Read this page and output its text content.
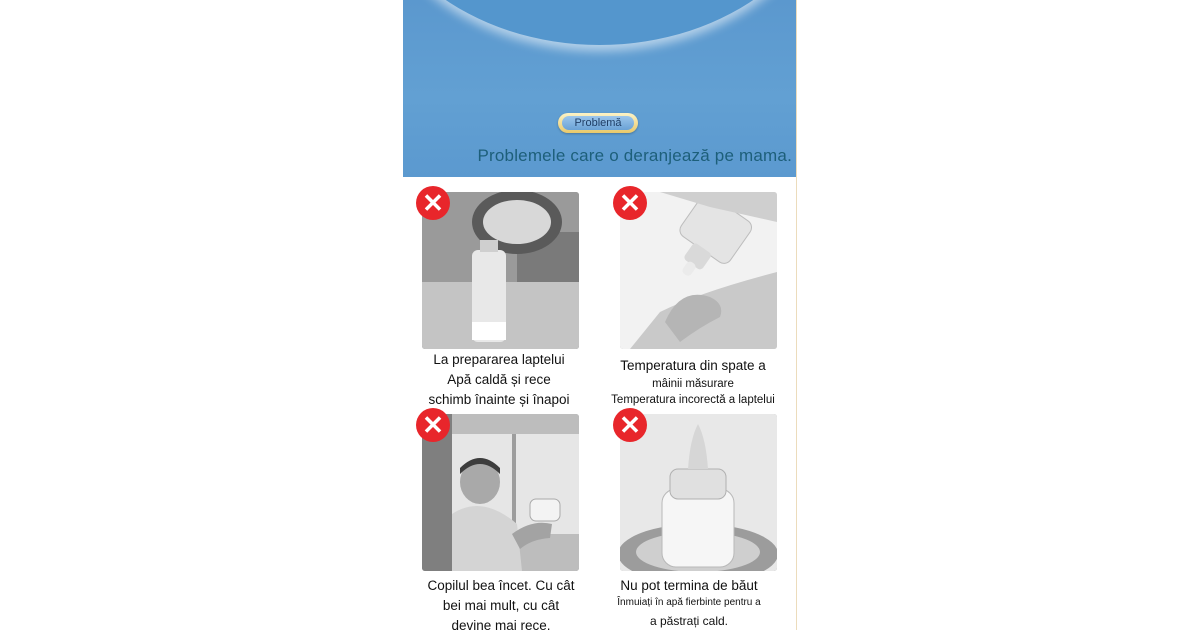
Problemă
Problemele care o deranjează pe mama.
✕
La prepararea laptelui
Apă caldă și rece
schimb înainte și înapoi
✕
Temperatura din spate a
mâinii măsurare
Temperatura incorectă a laptelui
✕
Copilul bea încet. Cu cât
bei mai mult, cu cât
devine mai rece.
✕
Nu pot termina de băut
Înmuiați în apă fierbinte pentru a
a păstrați cald.
